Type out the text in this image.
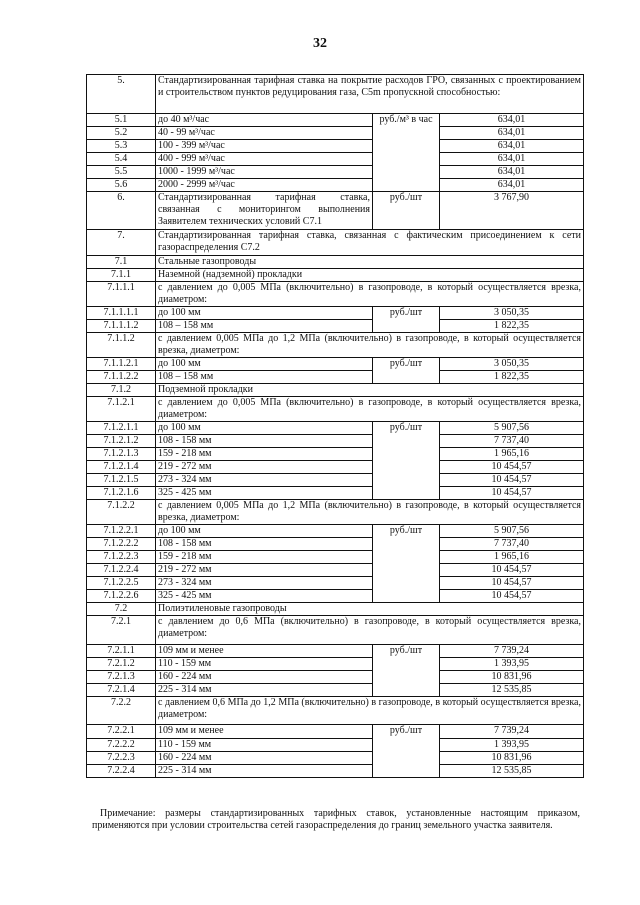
32
5.	Стандартизированная тарифная ставка на покрытие расходов ГРО, связанных с проектированием и строительством пунктов редуцирования газа, C5m пропускной способностью:		
5.1	до 40 м³/час	руб./м³ в час	634,01
5.2	40 - 99 м³/час		634,01
5.3	100 - 399 м³/час		634,01
5.4	400 - 999 м³/час		634,01
5.5	1000 - 1999 м³/час		634,01
5.6	2000 - 2999 м³/час		634,01
6.	Стандартизированная тарифная ставка, связанная с мониторингом выполнения Заявителем технических условий C7.1	руб./шт	3 767,90
7.	Стандартизированная тарифная ставка, связанная с фактическим присоединением к сети газораспределения C7.2		
7.1	Стальные газопроводы		
7.1.1	Наземной (надземной) прокладки		
7.1.1.1	с давлением до 0,005 МПа (включительно) в газопроводе, в который осуществляется врезка, диаметром:		
7.1.1.1.1	до 100 мм	руб./шт	3 050,35
7.1.1.1.2	108 – 158 мм		1 822,35
7.1.1.2	с давлением 0,005 МПа до 1,2 МПа (включительно) в газопроводе, в который осуществляется врезка, диаметром:		
7.1.1.2.1	до 100 мм	руб./шт	3 050,35
7.1.1.2.2	108 – 158 мм		1 822,35
7.1.2	Подземной прокладки		
7.1.2.1	с давлением до 0,005 МПа (включительно) в газопроводе, в который осуществляется врезка, диаметром:		
7.1.2.1.1	до 100 мм	руб./шт	5 907,56
7.1.2.1.2	108 - 158 мм		7 737,40
7.1.2.1.3	159 - 218 мм		1 965,16
7.1.2.1.4	219 - 272 мм		10 454,57
7.1.2.1.5	273 - 324 мм		10 454,57
7.1.2.1.6	325 - 425 мм		10 454,57
7.1.2.2	с давлением 0,005 МПа до 1,2 МПа (включительно) в газопроводе, в который осуществляется врезка, диаметром:		
7.1.2.2.1	до 100 мм	руб./шт	5 907,56
7.1.2.2.2	108 - 158 мм		7 737,40
7.1.2.2.3	159 - 218 мм		1 965,16
7.1.2.2.4	219 - 272 мм		10 454,57
7.1.2.2.5	273 - 324 мм		10 454,57
7.1.2.2.6	325 - 425 мм		10 454,57
7.2	Полиэтиленовые газопроводы		
7.2.1	с давлением до 0,6 МПа (включительно) в газопроводе, в который осуществляется врезка, диаметром:		
7.2.1.1	109 мм и менее	руб./шт	7 739,24
7.2.1.2	110 - 159 мм		1 393,95
7.2.1.3	160 - 224 мм		10 831,96
7.2.1.4	225 - 314 мм		12 535,85
7.2.2	с давлением 0,6 МПа до 1,2 МПа (включительно) в газопроводе, в который осуществляется врезка, диаметром:		
7.2.2.1	109 мм и менее	руб./шт	7 739,24
7.2.2.2	110 - 159 мм		1 393,95
7.2.2.3	160 - 224 мм		10 831,96
7.2.2.4	225 - 314 мм		12 535,85
Примечание: размеры стандартизированных тарифных ставок, установленные настоящим приказом, применяются при условии строительства сетей газораспределения до границ земельного участка заявителя.
